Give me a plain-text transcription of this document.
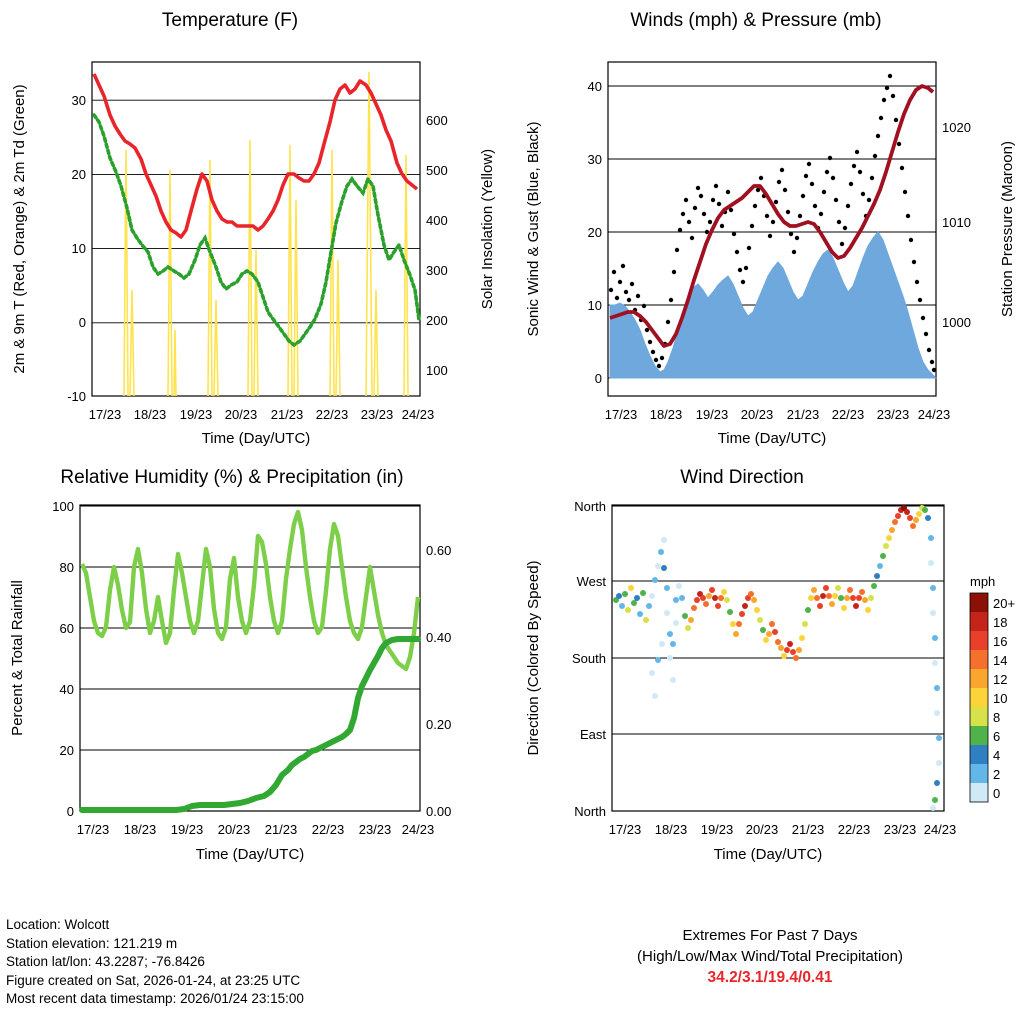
Temperature (F)
-10
0
10
20
30
100
200
300
400
500
600
17/23 18/23 19/23 20/23 21/23 22/23 23/23 24/23
Time (Day/UTC)
2m & 9m T (Red, Orange) & 2m Td (Green)	Solar Insolation (Yellow)
Winds (mph) & Pressure (mb)
0
10
20
30
40
1000
1010
1020
17/23 18/23 19/23 20/23 21/23 22/23 23/23 24/23
Time (Day/UTC)
Sonic Wind & Gust (Blue, Black)	Station Pressure (Maroon)
Relative Humidity (%) & Precipitation (in)
0
20
40
60
80
100
0.00
0.20
0.40
0.60
17/23 18/23 19/23 20/23 21/23 22/23 23/23 24/23
Time (Day/UTC)
Percent & Total Rainfall
Wind Direction
North
West
South
East
North
17/23 18/23 19/23 20/23 21/23 22/23 23/23 24/23
Time (Day/UTC)
Direction (Colored By Speed)	mph
20+
18
16
14
12
10
8
6
4
2
0
Location: Wolcott
Station elevation: 121.219 m
Station lat/lon: 43.2287; -76.8426
Figure created on Sat, 2026-01-24, at 23:25 UTC
Most recent data timestamp: 2026/01/24 23:15:00
Extremes For Past 7 Days
(High/Low/Max Wind/Total Precipitation)
34.2/3.1/19.4/0.41
